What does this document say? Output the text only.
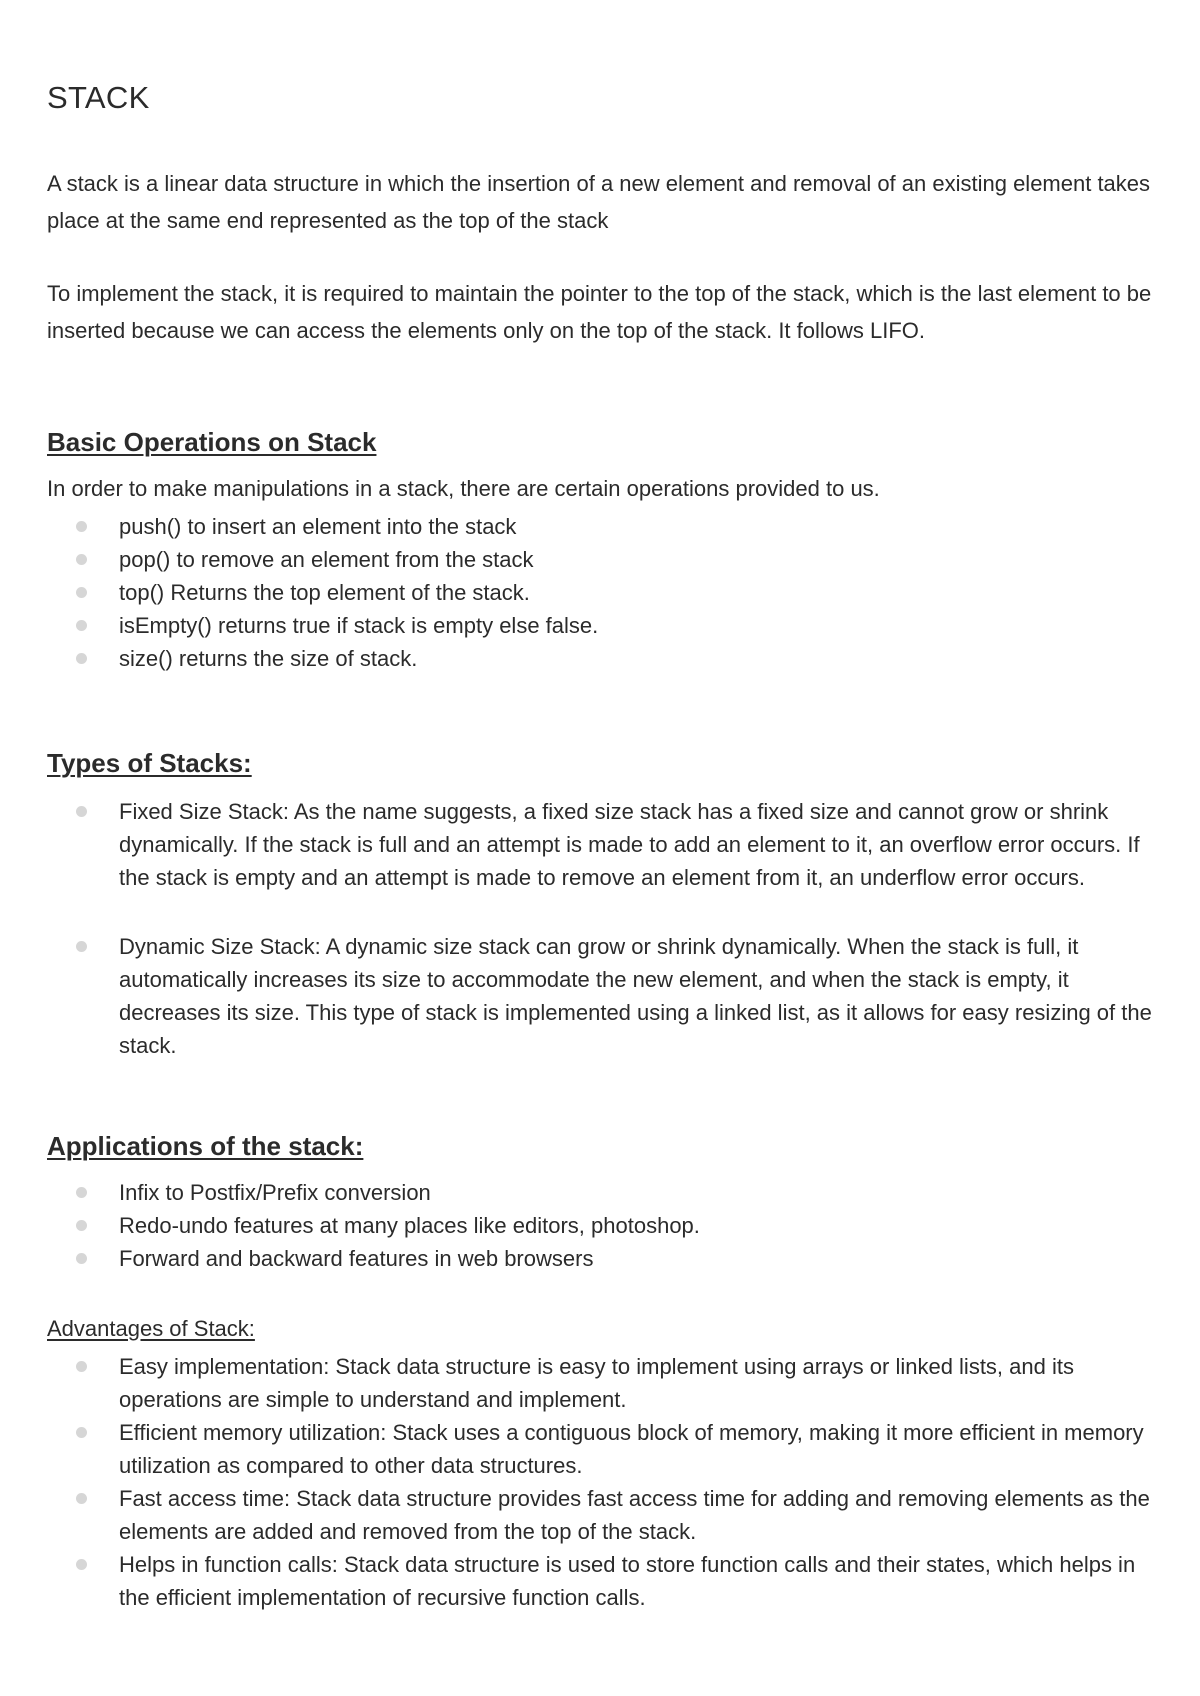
STACK

A stack is a linear data structure in which the insertion of a new element and removal of an existing element takes place at the same end represented as the top of the stack

To implement the stack, it is required to maintain the pointer to the top of the stack, which is the last element to be inserted because we can access the elements only on the top of the stack. It follows LIFO.

Basic Operations on Stack

In order to make manipulations in a stack, there are certain operations provided to us.

push() to insert an element into the stack
pop() to remove an element from the stack
top() Returns the top element of the stack.
isEmpty() returns true if stack is empty else false.
size() returns the size of stack.
Types of Stacks:
Fixed Size Stack: As the name suggests, a fixed size stack has a fixed size and cannot grow or shrink dynamically. If the stack is full and an attempt is made to add an element to it, an overflow error occurs. If the stack is empty and an attempt is made to remove an element from it, an underflow error occurs.
Dynamic Size Stack: A dynamic size stack can grow or shrink dynamically. When the stack is full, it automatically increases its size to accommodate the new element, and when the stack is empty, it decreases its size. This type of stack is implemented using a linked list, as it allows for easy resizing of the stack.
Applications of the stack:
Infix to Postfix/Prefix conversion
Redo-undo features at many places like editors, photoshop.
Forward and backward features in web browsers
Advantages of Stack:
Easy implementation: Stack data structure is easy to implement using arrays or linked lists, and its operations are simple to understand and implement.
Efficient memory utilization: Stack uses a contiguous block of memory, making it more efficient in memory utilization as compared to other data structures.
Fast access time: Stack data structure provides fast access time for adding and removing elements as the elements are added and removed from the top of the stack.
Helps in function calls: Stack data structure is used to store function calls and their states, which helps in the efficient implementation of recursive function calls.
